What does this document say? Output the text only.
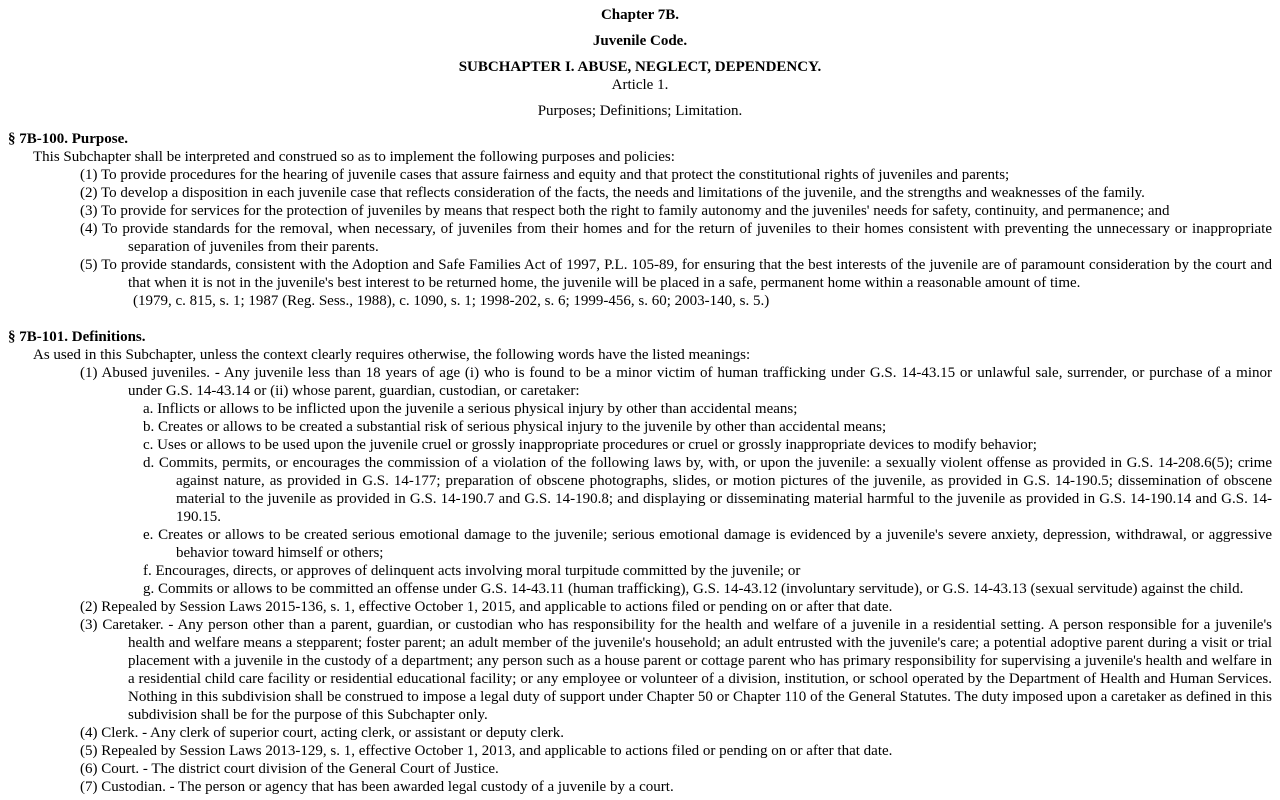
Chapter 7B.

Juvenile Code.

SUBCHAPTER I. ABUSE, NEGLECT, DEPENDENCY.

Article 1.

Purposes; Definitions; Limitation.

§ 7B-100. Purpose.

This Subchapter shall be interpreted and construed so as to implement the following purposes and policies:

(1) To provide procedures for the hearing of juvenile cases that assure fairness and equity and that protect the constitutional rights of juveniles and parents;

(2) To develop a disposition in each juvenile case that reflects consideration of the facts, the needs and limitations of the juvenile, and the strengths and weaknesses of the family.

(3) To provide for services for the protection of juveniles by means that respect both the right to family autonomy and the juveniles' needs for safety, continuity, and permanence; and

(4) To provide standards for the removal, when necessary, of juveniles from their homes and for the return of juveniles to their homes consistent with preventing the unnecessary or inappropriate separation of juveniles from their parents.

(5) To provide standards, consistent with the Adoption and Safe Families Act of 1997, P.L. 105-89, for ensuring that the best interests of the juvenile are of paramount consideration by the court and that when it is not in the juvenile's best interest to be returned home, the juvenile will be placed in a safe, permanent home within a reasonable amount of time.

(1979, c. 815, s. 1; 1987 (Reg. Sess., 1988), c. 1090, s. 1; 1998-202, s. 6; 1999-456, s. 60; 2003-140, s. 5.)

§ 7B-101. Definitions.

As used in this Subchapter, unless the context clearly requires otherwise, the following words have the listed meanings:

(1) Abused juveniles. - Any juvenile less than 18 years of age (i) who is found to be a minor victim of human trafficking under G.S. 14-43.15 or unlawful sale, surrender, or purchase of a minor under G.S. 14-43.14 or (ii) whose parent, guardian, custodian, or caretaker:

a. Inflicts or allows to be inflicted upon the juvenile a serious physical injury by other than accidental means;

b. Creates or allows to be created a substantial risk of serious physical injury to the juvenile by other than accidental means;

c. Uses or allows to be used upon the juvenile cruel or grossly inappropriate procedures or cruel or grossly inappropriate devices to modify behavior;

d. Commits, permits, or encourages the commission of a violation of the following laws by, with, or upon the juvenile: a sexually violent offense as provided in G.S. 14-208.6(5); crime against nature, as provided in G.S. 14-177; preparation of obscene photographs, slides, or motion pictures of the juvenile, as provided in G.S. 14-190.5; dissemination of obscene material to the juvenile as provided in G.S. 14-190.7 and G.S. 14-190.8; and displaying or disseminating material harmful to the juvenile as provided in G.S. 14-190.14 and G.S. 14-190.15.

e. Creates or allows to be created serious emotional damage to the juvenile; serious emotional damage is evidenced by a juvenile's severe anxiety, depression, withdrawal, or aggressive behavior toward himself or others;

f. Encourages, directs, or approves of delinquent acts involving moral turpitude committed by the juvenile; or

g. Commits or allows to be committed an offense under G.S. 14-43.11 (human trafficking), G.S. 14-43.12 (involuntary servitude), or G.S. 14-43.13 (sexual servitude) against the child.

(2) Repealed by Session Laws 2015-136, s. 1, effective October 1, 2015, and applicable to actions filed or pending on or after that date.

(3) Caretaker. - Any person other than a parent, guardian, or custodian who has responsibility for the health and welfare of a juvenile in a residential setting. A person responsible for a juvenile's health and welfare means a stepparent; foster parent; an adult member of the juvenile's household; an adult entrusted with the juvenile's care; a potential adoptive parent during a visit or trial placement with a juvenile in the custody of a department; any person such as a house parent or cottage parent who has primary responsibility for supervising a juvenile's health and welfare in a residential child care facility or residential educational facility; or any employee or volunteer of a division, institution, or school operated by the Department of Health and Human Services. Nothing in this subdivision shall be construed to impose a legal duty of support under Chapter 50 or Chapter 110 of the General Statutes. The duty imposed upon a caretaker as defined in this subdivision shall be for the purpose of this Subchapter only.

(4) Clerk. - Any clerk of superior court, acting clerk, or assistant or deputy clerk.

(5) Repealed by Session Laws 2013-129, s. 1, effective October 1, 2013, and applicable to actions filed or pending on or after that date.

(6) Court. - The district court division of the General Court of Justice.

(7) Custodian. - The person or agency that has been awarded legal custody of a juvenile by a court.
